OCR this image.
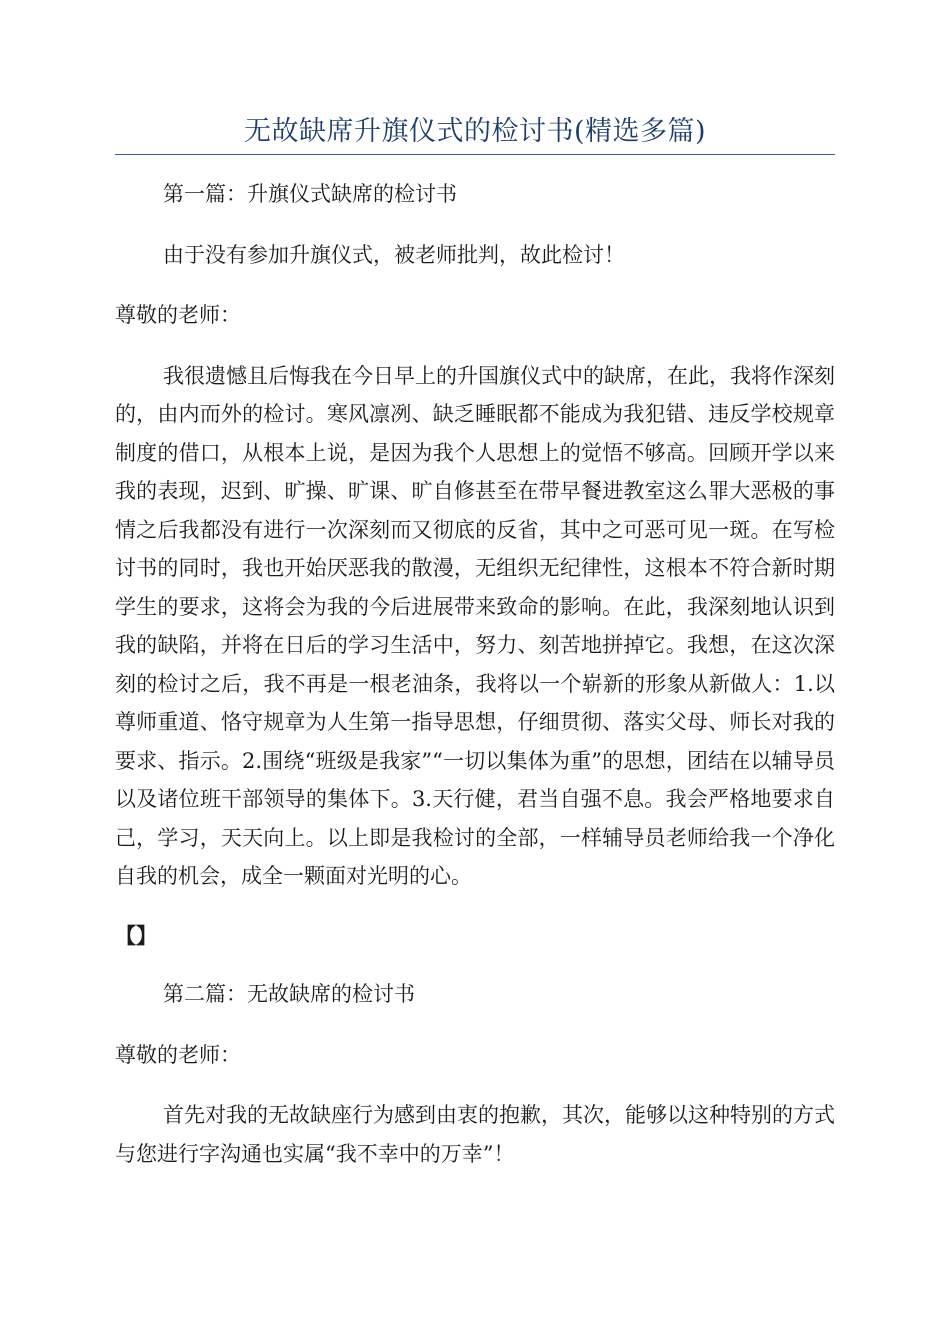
无故缺席升旗仪式的检讨书(精选多篇)

第一篇：升旗仪式缺席的检讨书

由于没有参加升旗仪式，被老师批判，故此检讨！

尊敬的老师：

我很遗憾且后悔我在今日早上的升国旗仪式中的缺席，在此，我将作深刻的，由内而外的检讨。寒风凛冽、缺乏睡眠都不能成为我犯错、违反学校规章制度的借口，从根本上说，是因为我个人思想上的觉悟不够高。回顾开学以来我的表现，迟到、旷操、旷课、旷自修甚至在带早餐进教室这么罪大恶极的事情之后我都没有进行一次深刻而又彻底的反省，其中之可恶可见一斑。在写检讨书的同时，我也开始厌恶我的散漫，无组织无纪律性，这根本不符合新时期学生的要求，这将会为我的今后进展带来致命的影响。在此，我深刻地认识到我的缺陷，并将在日后的学习生活中，努力、刻苦地拼掉它。我想，在这次深刻的检讨之后，我不再是一根老油条，我将以一个崭新的形象从新做人：1.以尊师重道、恪守规章为人生第一指导思想，仔细贯彻、落实父母、师长对我的要求、指示。2.围绕“班级是我家”“一切以集体为重”的思想，团结在以辅导员以及诸位班干部领导的集体下。3.天行健，君当自强不息。我会严格地要求自己，学习，天天向上。以上即是我检讨的全部，一样辅导员老师给我一个净化自我的机会，成全一颗面对光明的心。

【】

第二篇：无故缺席的检讨书

尊敬的老师：

首先对我的无故缺座行为感到由衷的抱歉，其次，能够以这种特别的方式与您进行字沟通也实属“我不幸中的万幸”！
